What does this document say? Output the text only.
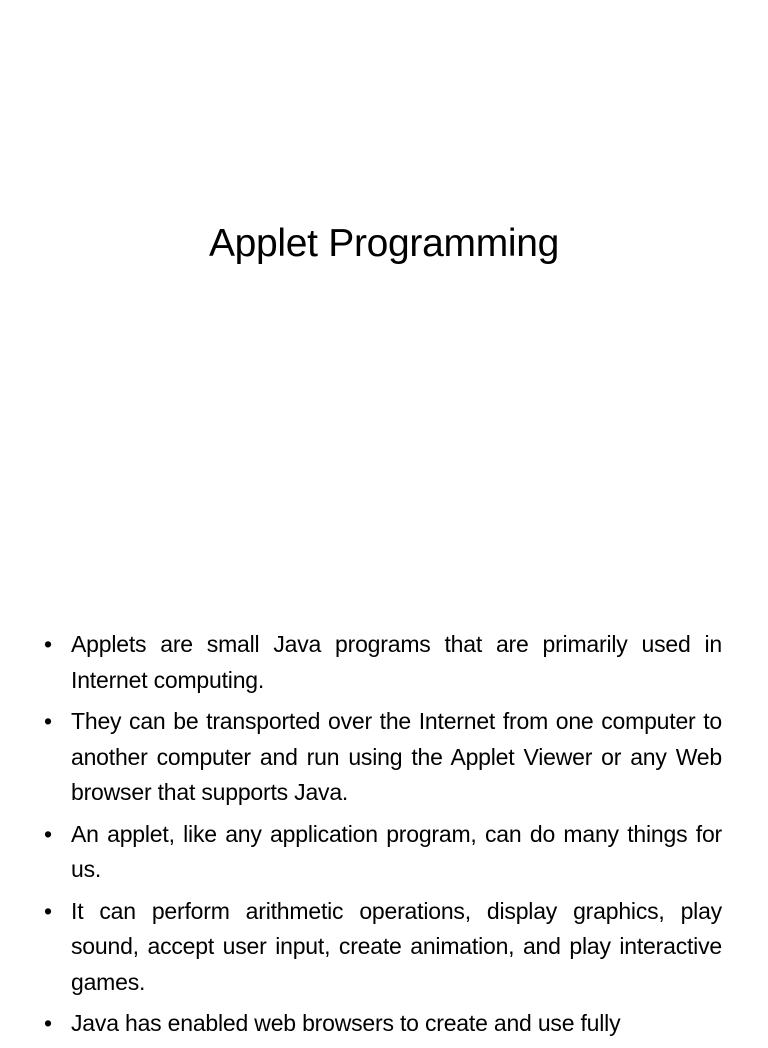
Applet Programming
• Applets are small Java programs that are primarily used in Internet computing.
• They can be transported over the Internet from one computer to another computer and run using the Applet Viewer or any Web browser that supports Java.
• An applet, like any application program, can do many things for us.
• It can perform arithmetic operations, display graphics, play sound, accept user input, create animation, and play interactive games.
• Java has enabled web browsers to create and use fully
